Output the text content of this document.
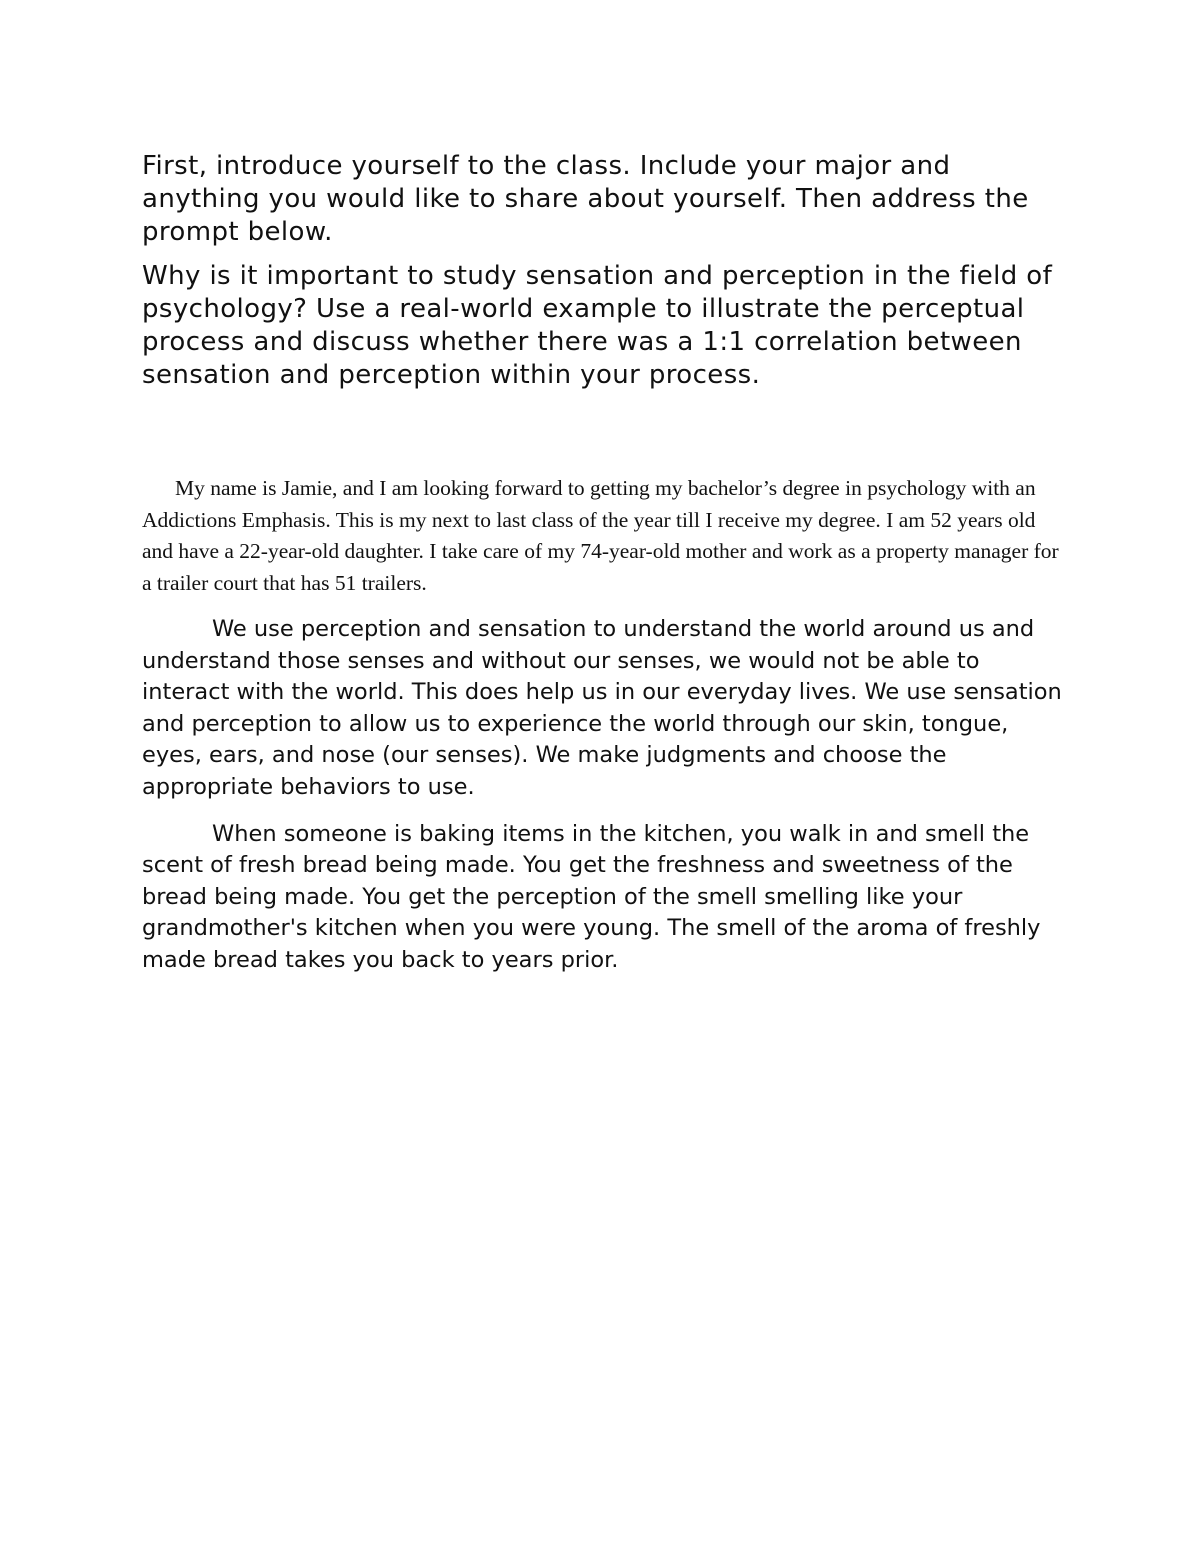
First, introduce yourself to the class. Include your major and anything you would like to share about yourself. Then address the prompt below.

Why is it important to study sensation and perception in the field of psychology? Use a real-world example to illustrate the perceptual process and discuss whether there was a 1:1 correlation between sensation and perception within your process.

My name is Jamie, and I am looking forward to getting my bachelor’s degree in psychology with an Addictions Emphasis. This is my next to last class of the year till I receive my degree. I am 52 years old and have a 22-year-old daughter. I take care of my 74-year-old mother and work as a property manager for a trailer court that has 51 trailers.

We use perception and sensation to understand the world around us and understand those senses and without our senses, we would not be able to interact with the world. This does help us in our everyday lives. We use sensation and perception to allow us to experience the world through our skin, tongue, eyes, ears, and nose (our senses). We make judgments and choose the appropriate behaviors to use.

When someone is baking items in the kitchen, you walk in and smell the scent of fresh bread being made. You get the freshness and sweetness of the bread being made. You get the perception of the smell smelling like your grandmother's kitchen when you were young. The smell of the aroma of freshly made bread takes you back to years prior.
